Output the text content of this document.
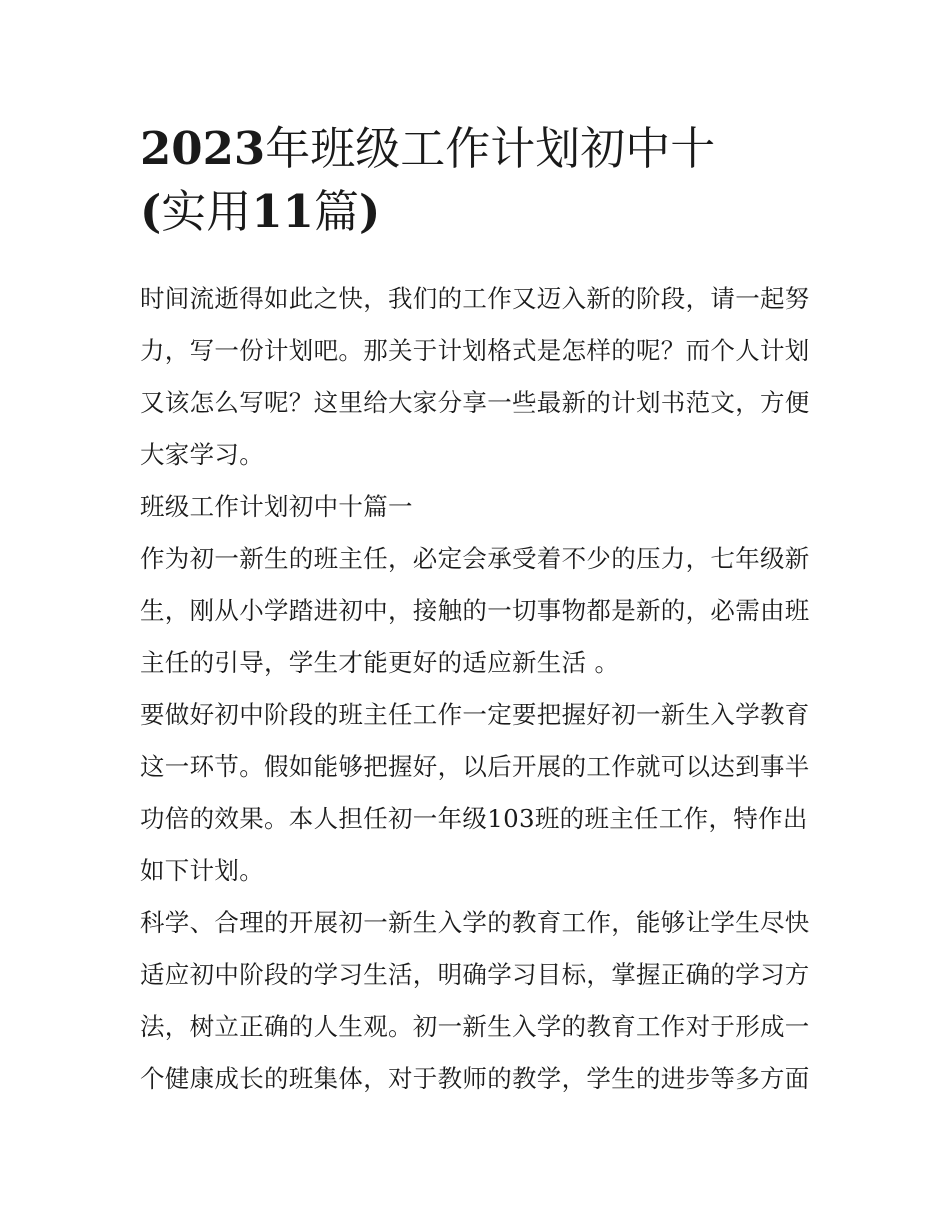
2023年班级工作计划初中十
(实用11篇)

时间流逝得如此之快，我们的工作又迈入新的阶段，请一起努力，写一份计划吧。那关于计划格式是怎样的呢？而个人计划又该怎么写呢？这里给大家分享一些最新的计划书范文，方便大家学习。

班级工作计划初中十篇一

作为初一新生的班主任，必定会承受着不少的压力，七年级新生，刚从小学踏进初中，接触的一切事物都是新的，必需由班主任的引导，学生才能更好的适应新生活 。

要做好初中阶段的班主任工作一定要把握好初一新生入学教育这一环节。假如能够把握好，以后开展的工作就可以达到事半功倍的效果。本人担任初一年级103班的班主任工作，特作出如下计划。

科学、合理的开展初一新生入学的教育工作，能够让学生尽快适应初中阶段的学习生活，明确学习目标，掌握正确的学习方法，树立正确的人生观。初一新生入学的教育工作对于形成一个健康成长的班集体，对于教师的教学，学生的进步等多方面
